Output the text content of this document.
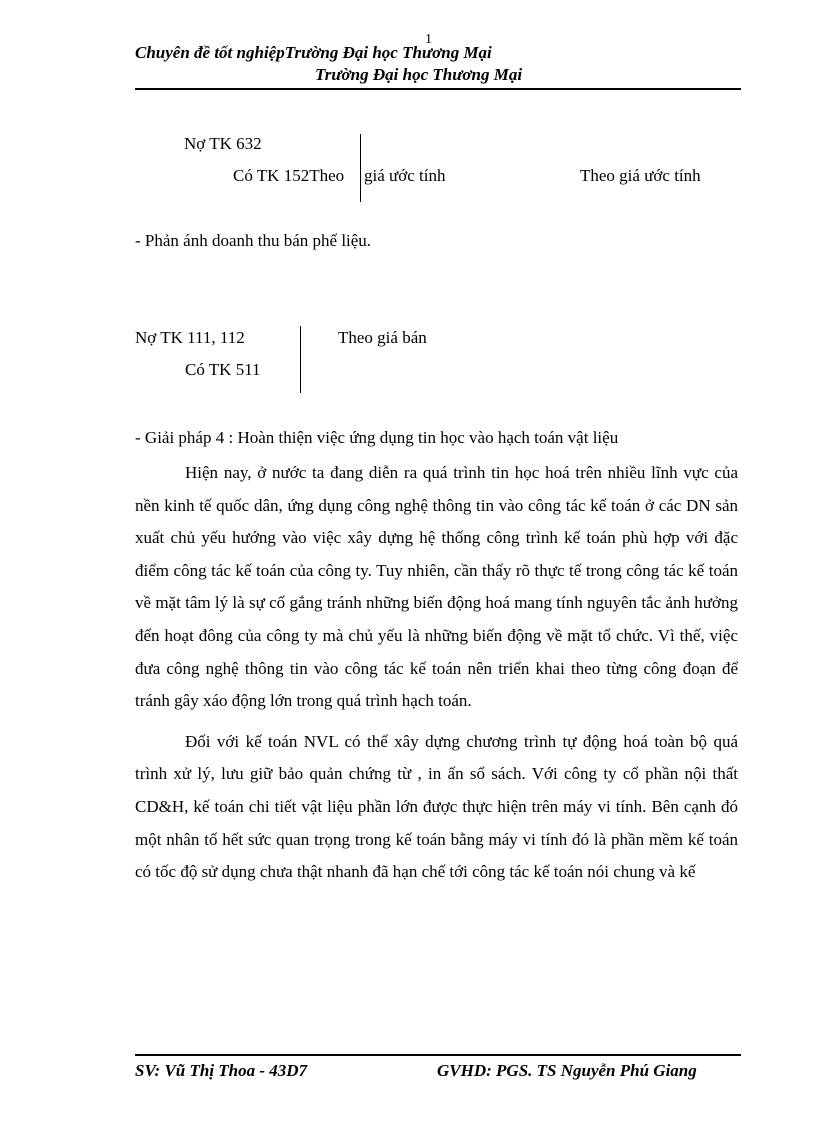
1
Chuyên đề tốt nghiệpTrường Đại học Thương Mại
Trường Đại học Thương Mại
Nợ TK 632
Có TK 152Theo giá ước tính	Theo giá ước tính
- Phản ánh doanh thu bán phế liệu.
Nợ TK 111, 112
Có TK 511
Theo giá bán
- Giải pháp 4 : Hoàn thiện việc ứng dụng tin học vào hạch toán vật liệu

Hiện nay, ở nước ta đang diễn ra quá trình tin học hoá trên nhiều lĩnh vực của nền kinh tế quốc dân, ứng dụng công nghệ thông tin vào công tác kế toán ở các DN sản xuất chủ yếu hướng vào việc xây dựng hệ thống công trình kế toán phù hợp với đặc điểm công tác kế toán của công ty. Tuy nhiên, cần thấy rõ thực tế trong công tác kế toán về mặt tâm lý là sự cố gắng tránh những biến động hoá mang tính nguyên tắc ảnh hưởng đến hoạt đông của công ty mà chủ yếu là những biến động về mặt tổ chức. Vì thế, việc đưa công nghệ thông tin vào công tác kế toán nên triển khai theo từng công đoạn để tránh gây xáo động lớn trong quá trình hạch toán.

Đối với kế toán NVL có thể xây dựng chương trình tự động hoá toàn bộ quá trình xử lý, lưu giữ bảo quản chứng từ , in ấn sổ sách. Với công ty cổ phần nội thất CD&H, kế toán chi tiết vật liệu phần lớn được thực hiện trên máy vi tính. Bên cạnh đó một nhân tố hết sức quan trọng trong kế toán bằng máy vi tính đó là phần mềm kế toán có tốc độ sử dụng chưa thật nhanh đã hạn chế tới công tác kế toán nói chung và kế

SV: Vũ Thị Thoa - 43D7	GVHD: PGS. TS Nguyễn Phú Giang
